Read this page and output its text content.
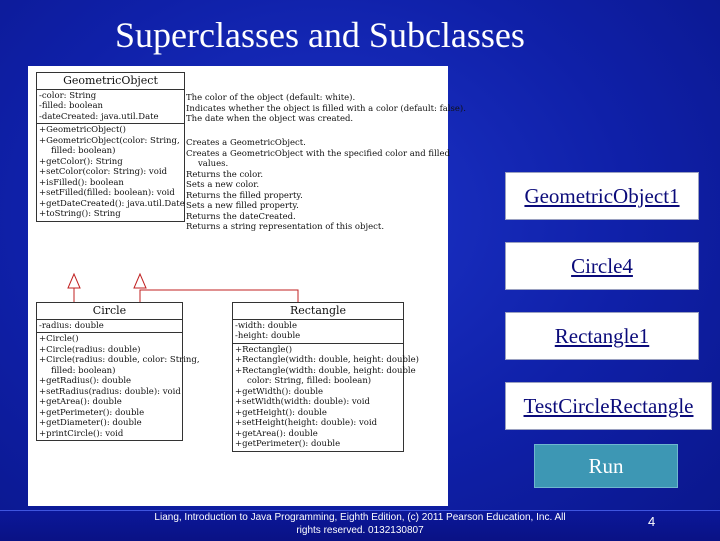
Superclasses and Subclasses
GeometricObject
-color: String
-filled: boolean
-dateCreated: java.util.Date
+GeometricObject()
+GeometricObject(color: String,
filled: boolean)
+getColor(): String
+setColor(color: String): void
+isFilled(): boolean
+setFilled(filled: boolean): void
+getDateCreated(): java.util.Date
+toString(): String
The color of the object (default: white).
Indicates whether the object is filled with a color (default: false).
The date when the object was created.
Creates a GeometricObject.
Creates a GeometricObject with the specified color and filled
values.
Returns the color.
Sets a new color.
Returns the filled property.
Sets a new filled property.
Returns the dateCreated.
Returns a string representation of this object.
Circle
-radius: double
+Circle()
+Circle(radius: double)
+Circle(radius: double, color: String,
filled: boolean)
+getRadius(): double
+setRadius(radius: double): void
+getArea(): double
+getPerimeter(): double
+getDiameter(): double
+printCircle(): void
Rectangle
-width: double
-height: double
+Rectangle()
+Rectangle(width: double, height: double)
+Rectangle(width: double, height: double
color: String, filled: boolean)
+getWidth(): double
+setWidth(width: double): void
+getHeight(): double
+setHeight(height: double): void
+getArea(): double
+getPerimeter(): double
GeometricObject1
Circle4
Rectangle1
TestCircleRectangle
Run
Liang, Introduction to Java Programming, Eighth Edition, (c) 2011 Pearson Education, Inc. All
rights reserved. 0132130807
4
